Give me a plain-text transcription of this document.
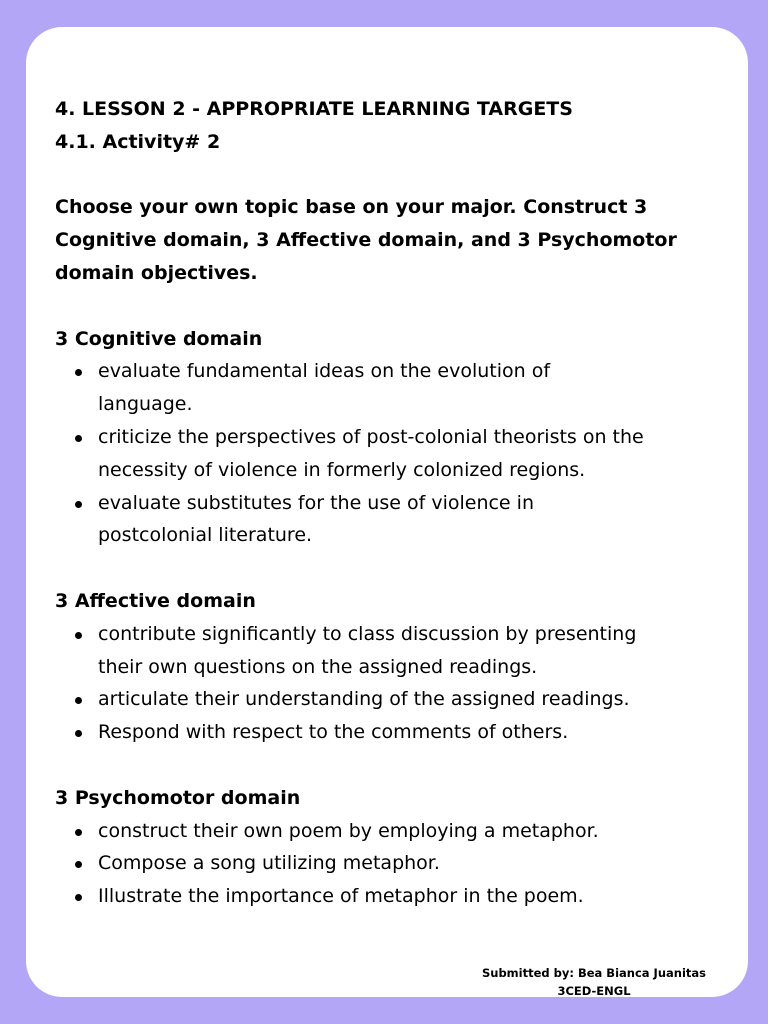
4. LESSON 2 - APPROPRIATE LEARNING TARGETS
4.1. Activity# 2
Choose your own topic base on your major. Construct 3
Cognitive domain, 3 Affective domain, and 3 Psychomotor
domain objectives.
3 Cognitive domain
evaluate fundamental ideas on the evolution of
language.
criticize the perspectives of post-colonial theorists on the
necessity of violence in formerly colonized regions.
evaluate substitutes for the use of violence in
postcolonial literature.
3 Affective domain
contribute significantly to class discussion by presenting
their own questions on the assigned readings.
articulate their understanding of the assigned readings.
Respond with respect to the comments of others.
3 Psychomotor domain
construct their own poem by employing a metaphor.
Compose a song utilizing metaphor.
Illustrate the importance of metaphor in the poem.
Submitted by: Bea Bianca Juanitas
3CED-ENGL
